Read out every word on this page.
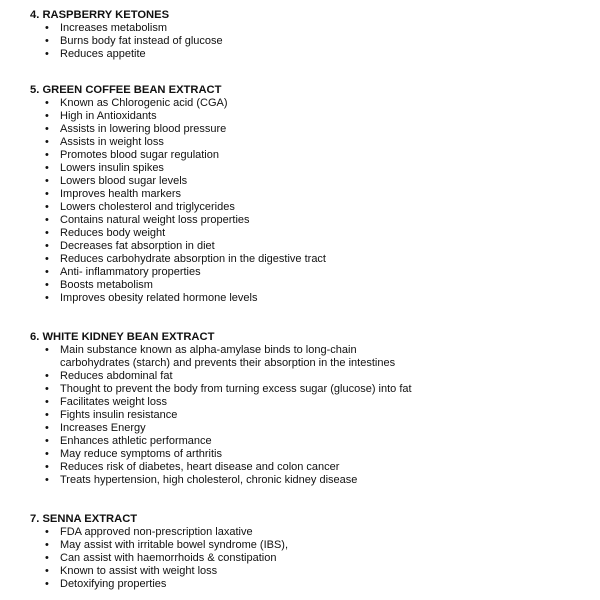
4. RASPBERRY KETONES
• Increases metabolism
• Burns body fat instead of glucose
• Reduces appetite
5. GREEN COFFEE BEAN EXTRACT
• Known as Chlorogenic acid (CGA)
• High in Antioxidants
• Assists in lowering blood pressure
• Assists in weight loss
• Promotes blood sugar regulation
• Lowers insulin spikes
• Lowers blood sugar levels
• Improves health markers
• Lowers cholesterol and triglycerides
• Contains natural weight loss properties
• Reduces body weight
• Decreases fat absorption in diet
• Reduces carbohydrate absorption in the digestive tract
• Anti- inflammatory properties
• Boosts metabolism
• Improves obesity related hormone levels
6. WHITE KIDNEY BEAN EXTRACT
• Main substance known as alpha-amylase binds to long-chain
carbohydrates (starch) and prevents their absorption in the intestines
• Reduces abdominal fat
• Thought to prevent the body from turning excess sugar (glucose) into fat
• Facilitates weight loss
• Fights insulin resistance
• Increases Energy
• Enhances athletic performance
• May reduce symptoms of arthritis
• Reduces risk of diabetes, heart disease and colon cancer
• Treats hypertension, high cholesterol, chronic kidney disease
7. SENNA EXTRACT
• FDA approved non-prescription laxative
• May assist with irritable bowel syndrome (IBS),
• Can assist with haemorrhoids & constipation
• Known to assist with weight loss
• Detoxifying properties
